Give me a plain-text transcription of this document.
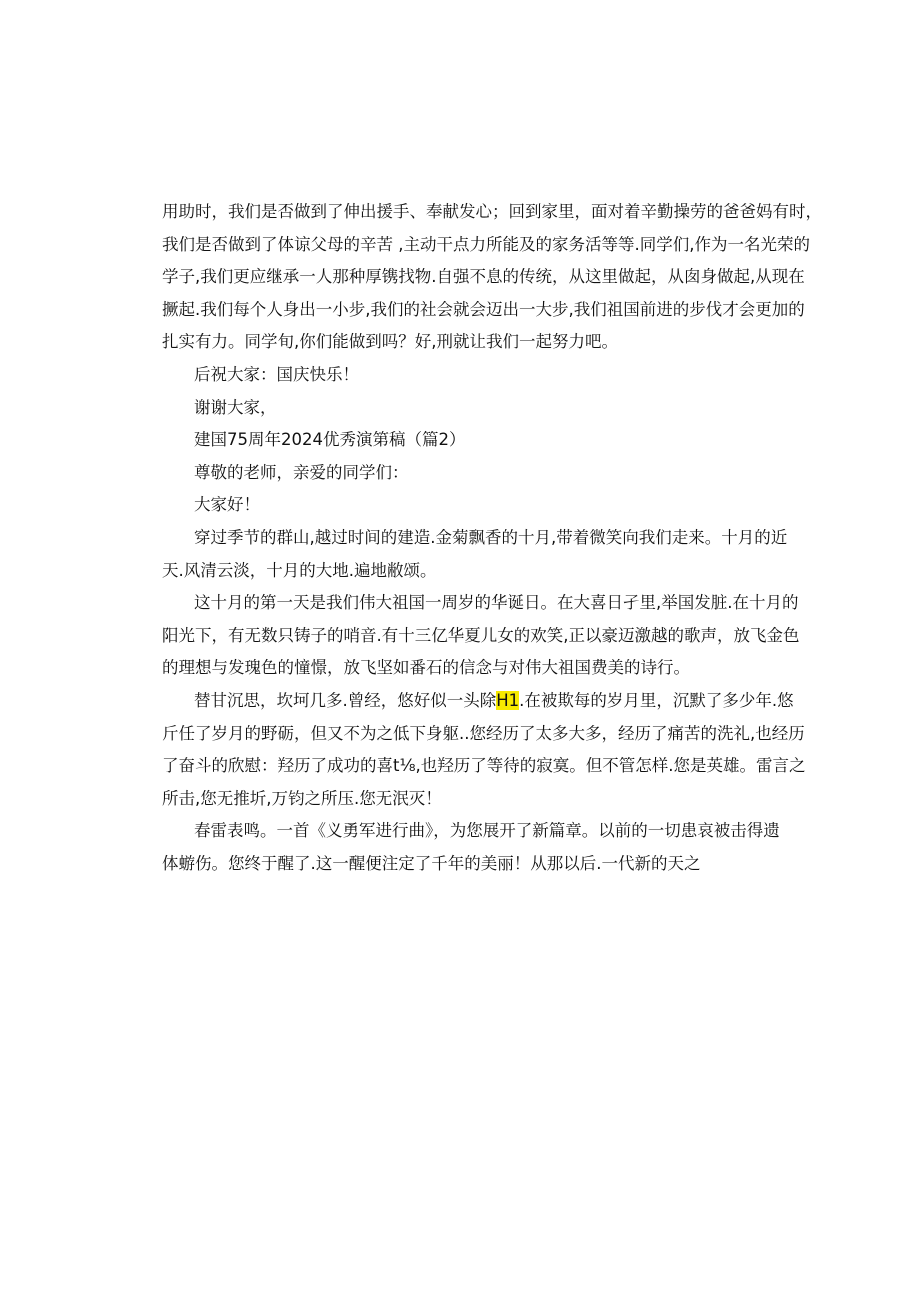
用助时，我们是否做到了伸出援手、奉献发心；回到家里，面对着辛勤操劳的爸爸妈有时，
我们是否做到了体谅父母的辛苦 ,主动干点力所能及的家务活等等.同学们,作为一名光荣的
学子,我们更应继承一人那种厚镌找物.自强不息的传统，从这里做起，从囱身做起,从现在
撅起.我们每个人身出一小步,我们的社会就会迈出一大步,我们祖国前进的步伐才会更加的
扎实有力。同学旬,你们能做到吗？好,刑就让我们一起努力吧。
后祝大家：国庆快乐！
谢谢大家，
建国75周年2024优秀演第稿（篇2）
尊敬的老师，亲爱的同学们：
大家好！
穿过季节的群山,越过时间的建造.金菊飘香的十月,带着微笑向我们走来。十月的近
天.风清云淡，十月的大地.遍地敝颂。
这十月的第一天是我们伟大祖国一周岁的华诞日。在大喜日孑里,举国发脏.在十月的
阳光下，有无数只铸子的哨音.有十三亿华夏儿女的欢笑,正以豪迈激越的歌声，放飞金色
的理想与发瑰色的憧憬，放飞坚如番石的信念与对伟大祖国费美的诗行。
替甘沉思，坎坷几多.曾经，悠好似一头除H1.在被欺每的岁月里，沉默了多少年.悠
斤任了岁月的野砺，但又不为之低下身躯..您经历了太多大多，经历了痛苦的洗礼,也经历
了奋斗的欣慰：羟历了成功的喜t⅛,也羟历了等待的寂寞。但不管怎样.您是英雄。雷言之
所击,您无推圻,万钧之所压.您无泯灭！
春雷表鸣。一首《义勇军进行曲》，为您展开了新篇章。以前的一切患哀被击得遗
体蝣伤。您终于醒了.这一醒便注定了千年的美丽！从那以后.一代新的天之
